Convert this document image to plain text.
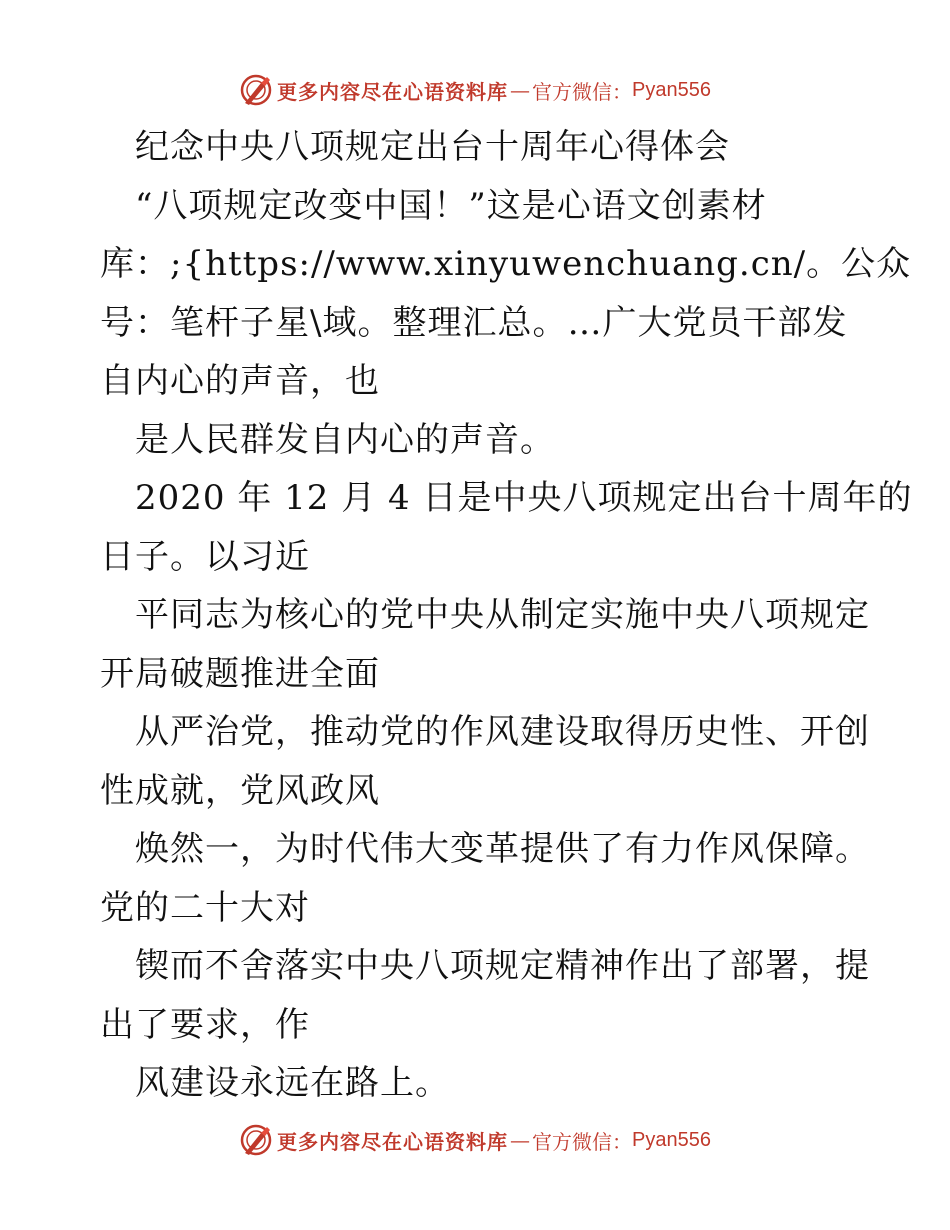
更多内容尽在心语资料库 — 官方微信： Pyan556
纪念中央八项规定出台十周年心得体会
“八项规定改变中国！”这是心语文创素材
库：;{https://www.xinyuwenchuang.cn/。公众
号：笔杆子星\域。整理汇总。…广大党员干部发
自内心的声音，也
是人民群发自内心的声音。
2020 年 12 月 4 日是中央八项规定出台十周年的
日子。以习近
平同志为核心的党中央从制定实施中央八项规定
开局破题推进全面
从严治党，推动党的作风建设取得历史性、开创
性成就，党风政风
焕然一，为时代伟大变革提供了有力作风保障。
党的二十大对
锲而不舍落实中央八项规定精神作出了部署，提
出了要求，作
风建设永远在路上。
更多内容尽在心语资料库 — 官方微信： Pyan556
